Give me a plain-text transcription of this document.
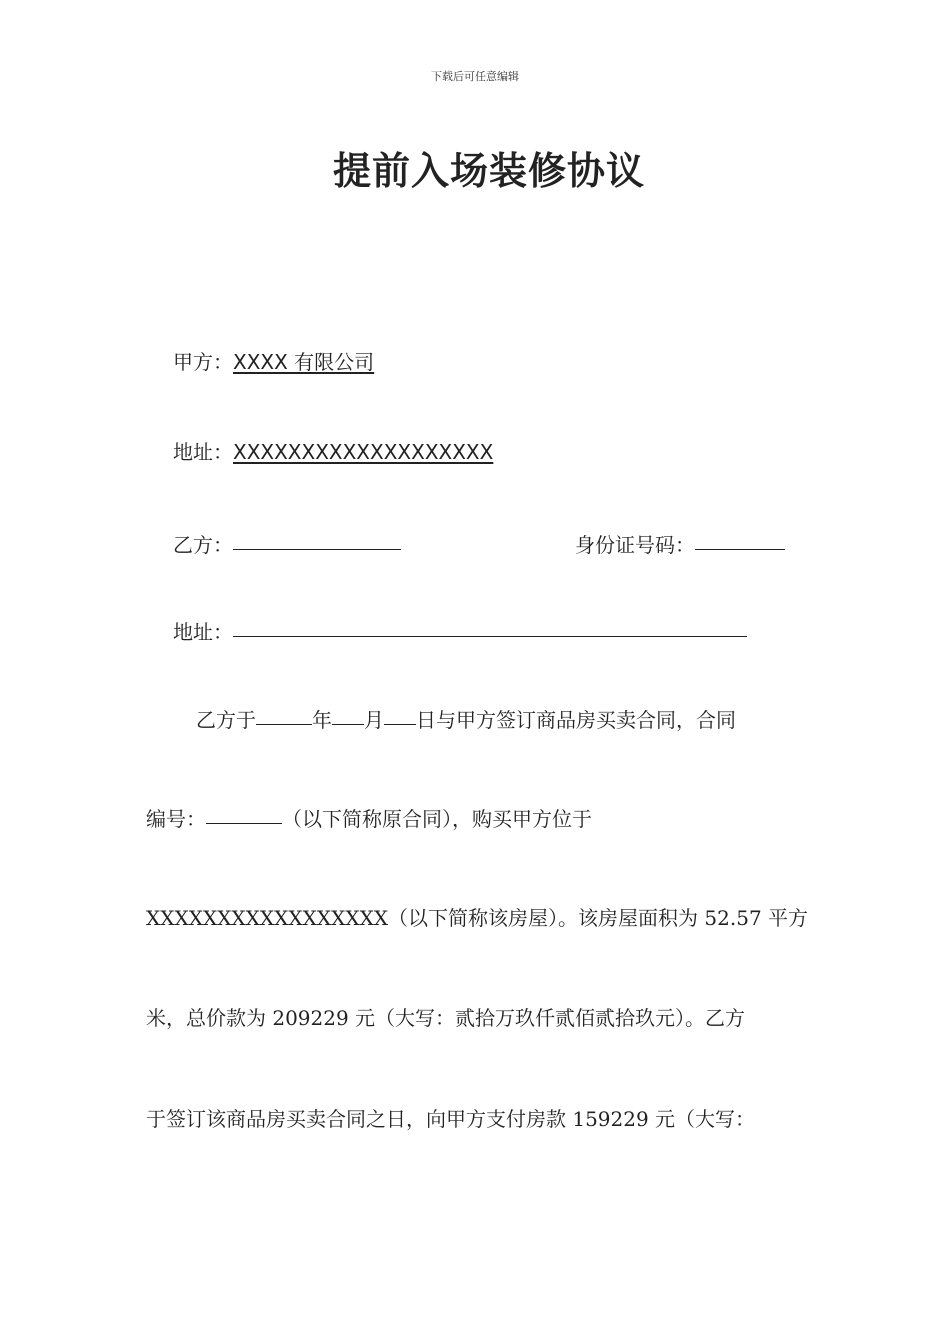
下载后可任意编辑
提前入场装修协议
甲方：XXXX 有限公司
地址：XXXXXXXXXXXXXXXXXXX
乙方：	身份证号码：
地址：
乙方于	年 月 日与甲方签订商品房买卖合同，合同
编号：	（以下简称原合同），购买甲方位于
XXXXXXXXXXXXXXXXX（以下简称该房屋）。该房屋面积为 52.57 平方
米，总价款为 209229 元（大写：贰拾万玖仟贰佰贰拾玖元）。乙方
于签订该商品房买卖合同之日，向甲方支付房款 159229 元（大写：
